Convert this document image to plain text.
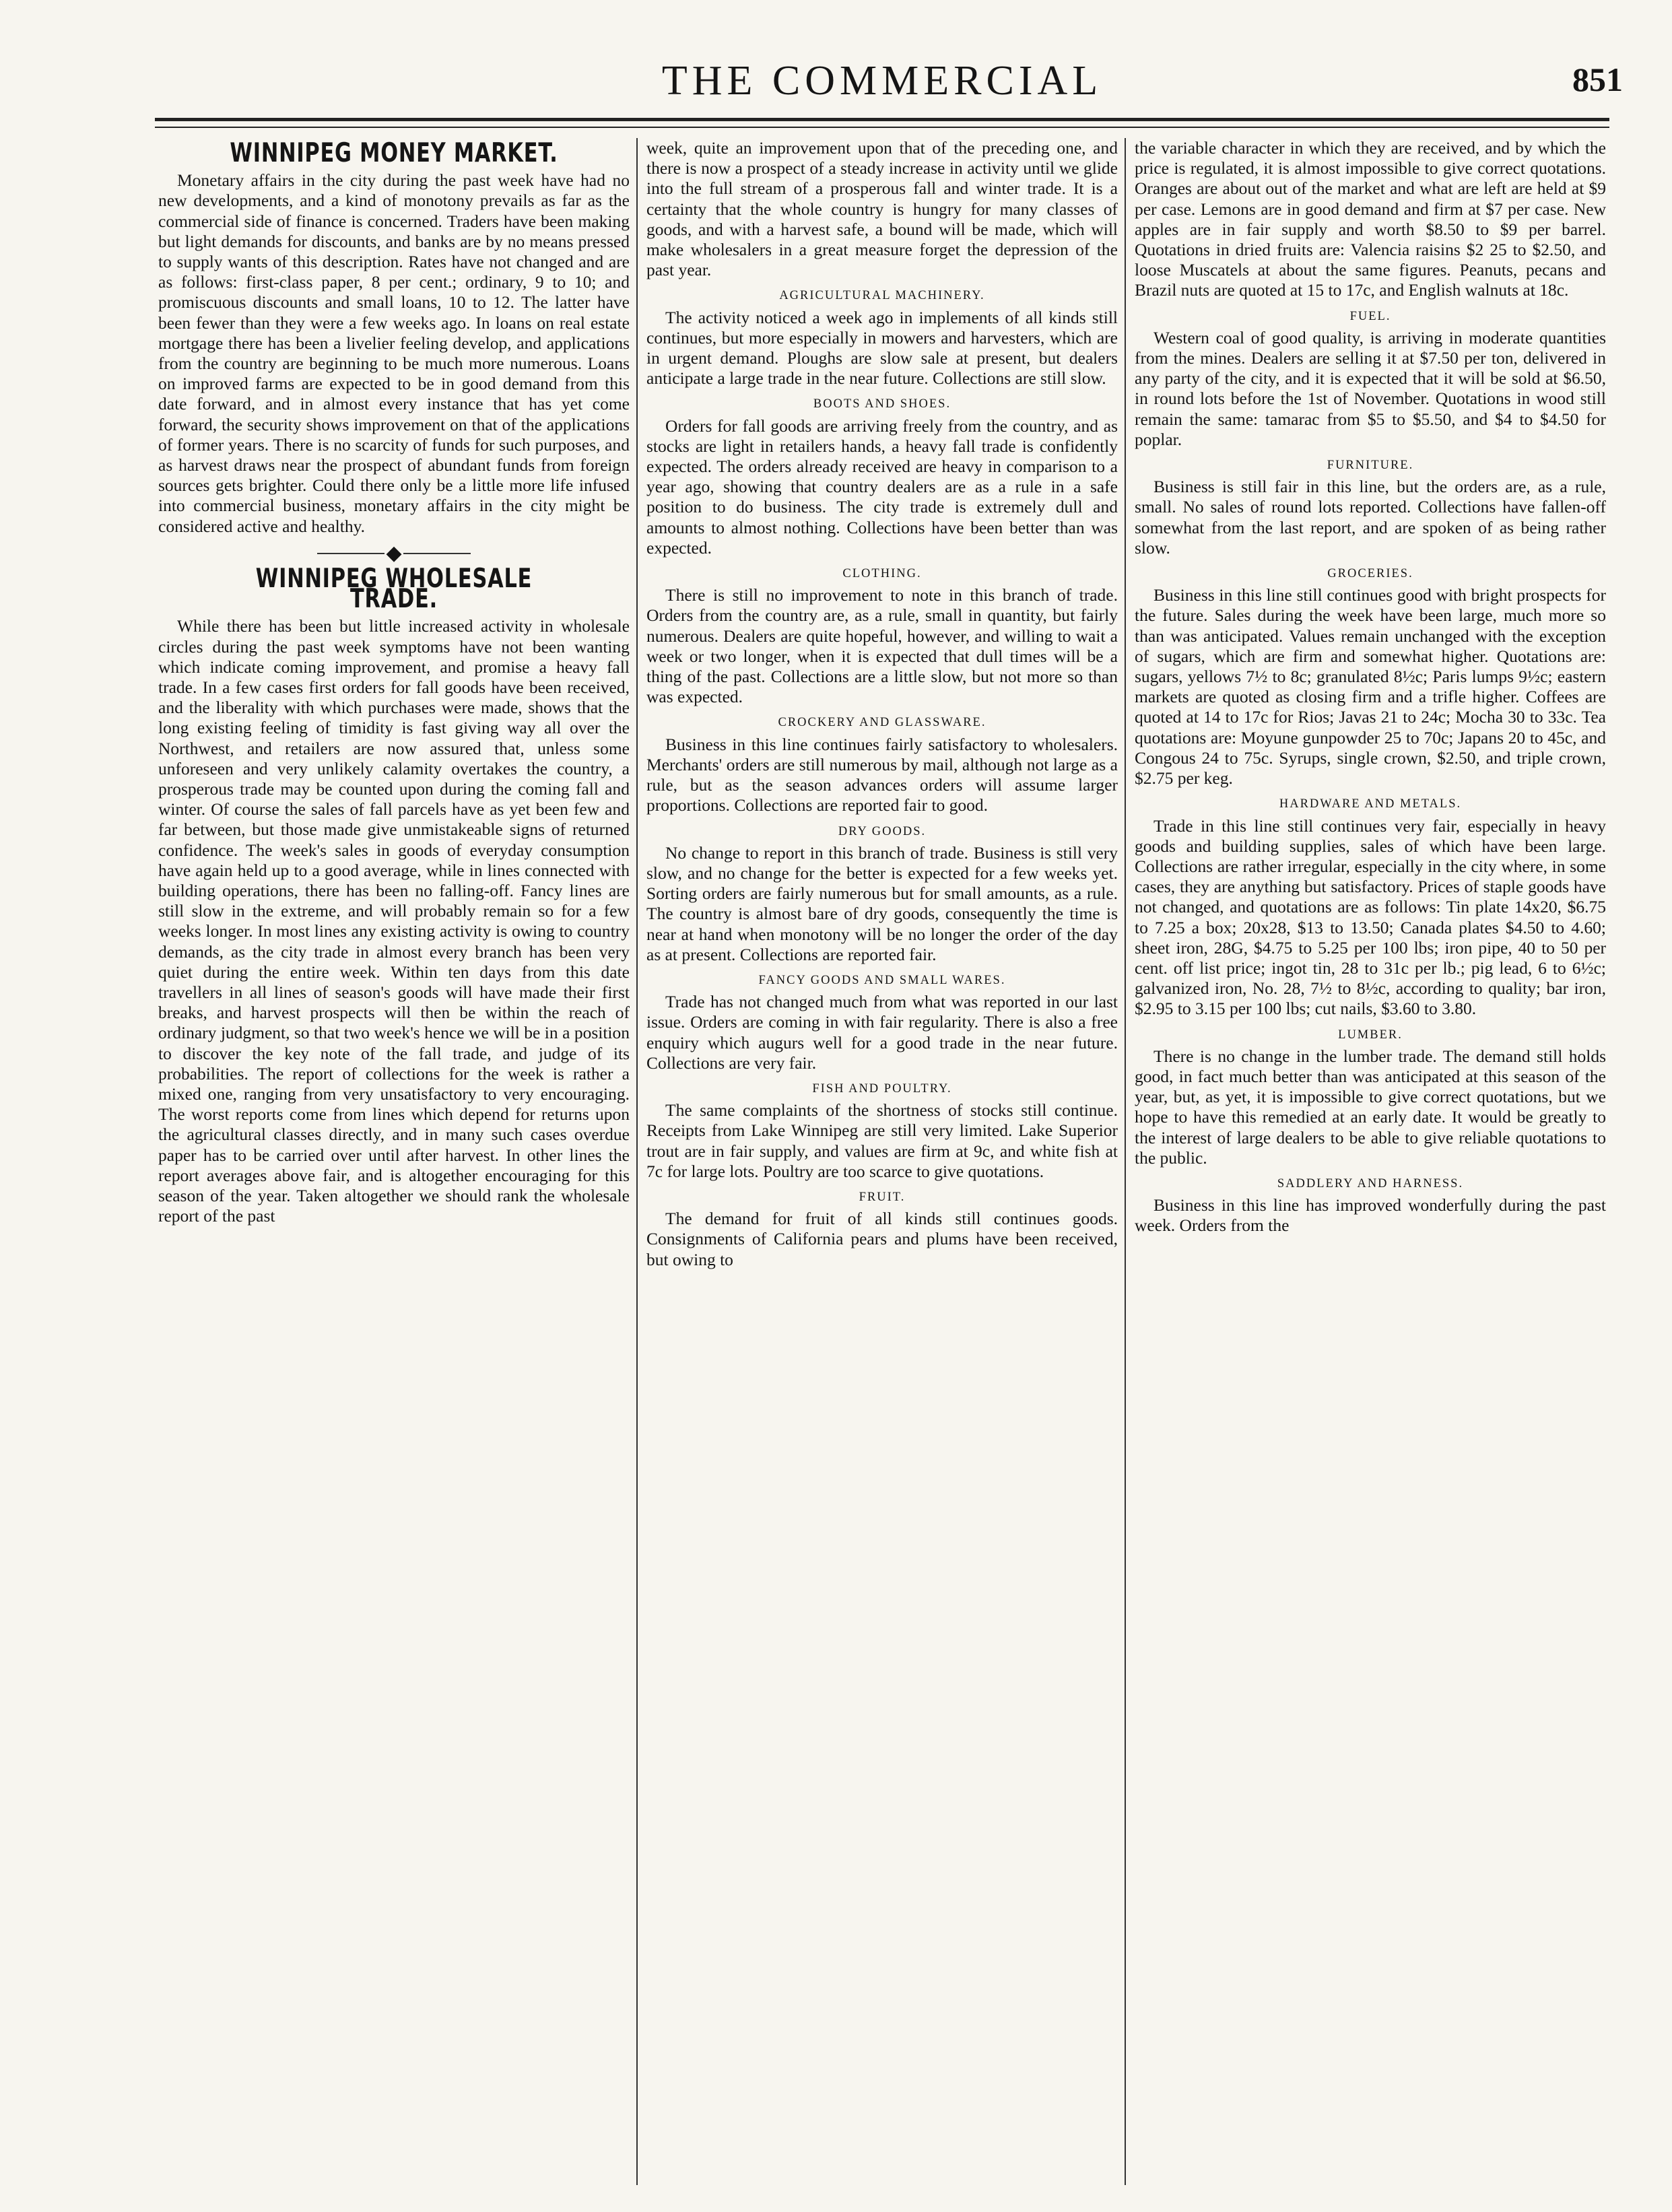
THE COMMERCIAL	851
WINNIPEG MONEY MARKET.

Monetary affairs in the city during the past week have had no new developments, and a kind of monotony prevails as far as the commercial side of finance is concerned. Traders have been making but light demands for discounts, and banks are by no means pressed to supply wants of this description. Rates have not changed and are as follows: first-class paper, 8 per cent.; ordinary, 9 to 10; and promiscuous discounts and small loans, 10 to 12. The latter have been fewer than they were a few weeks ago. In loans on real estate mortgage there has been a livelier feeling develop, and applications from the country are beginning to be much more numerous. Loans on improved farms are expected to be in good demand from this date forward, and in almost every instance that has yet come forward, the security shows improvement on that of the applications of former years. There is no scarcity of funds for such purposes, and as harvest draws near the prospect of abundant funds from foreign sources gets brighter. Could there only be a little more life infused into commercial business, monetary affairs in the city might be considered active and healthy.

◆
WINNIPEG WHOLESALE TRADE.

While there has been but little increased activity in wholesale circles during the past week symptoms have not been wanting which indicate coming improvement, and promise a heavy fall trade. In a few cases first orders for fall goods have been received, and the liberality with which purchases were made, shows that the long existing feeling of timidity is fast giving way all over the Northwest, and retailers are now assured that, unless some unforeseen and very unlikely calamity overtakes the country, a prosperous trade may be counted upon during the coming fall and winter. Of course the sales of fall parcels have as yet been few and far between, but those made give unmistakeable signs of returned confidence. The week's sales in goods of everyday consumption have again held up to a good average, while in lines connected with building operations, there has been no falling-off. Fancy lines are still slow in the extreme, and will probably remain so for a few weeks longer. In most lines any existing activity is owing to country demands, as the city trade in almost every branch has been very quiet during the entire week. Within ten days from this date travellers in all lines of season's goods will have made their first breaks, and harvest prospects will then be within the reach of ordinary judgment, so that two week's hence we will be in a position to discover the key note of the fall trade, and judge of its probabilities. The report of collections for the week is rather a mixed one, ranging from very unsatisfactory to very encouraging. The worst reports come from lines which depend for returns upon the agricultural classes directly, and in many such cases overdue paper has to be carried over until after harvest. In other lines the report averages above fair, and is altogether encouraging for this season of the year. Taken altogether we should rank the wholesale report of the past

week, quite an improvement upon that of the preceding one, and there is now a prospect of a steady increase in activity until we glide into the full stream of a prosperous fall and winter trade. It is a certainty that the whole country is hungry for many classes of goods, and with a harvest safe, a bound will be made, which will make wholesalers in a great measure forget the depression of the past year.

AGRICULTURAL MACHINERY.

The activity noticed a week ago in implements of all kinds still continues, but more especially in mowers and harvesters, which are in urgent demand. Ploughs are slow sale at present, but dealers anticipate a large trade in the near future. Collections are still slow.

BOOTS AND SHOES.

Orders for fall goods are arriving freely from the country, and as stocks are light in retailers hands, a heavy fall trade is confidently expected. The orders already received are heavy in comparison to a year ago, showing that country dealers are as a rule in a safe position to do business. The city trade is extremely dull and amounts to almost nothing. Collections have been better than was expected.

CLOTHING.

There is still no improvement to note in this branch of trade. Orders from the country are, as a rule, small in quantity, but fairly numerous. Dealers are quite hopeful, however, and willing to wait a week or two longer, when it is expected that dull times will be a thing of the past. Collections are a little slow, but not more so than was expected.

CROCKERY AND GLASSWARE.

Business in this line continues fairly satisfactory to wholesalers. Merchants' orders are still numerous by mail, although not large as a rule, but as the season advances orders will assume larger proportions. Collections are reported fair to good.

DRY GOODS.

No change to report in this branch of trade. Business is still very slow, and no change for the better is expected for a few weeks yet. Sorting orders are fairly numerous but for small amounts, as a rule. The country is almost bare of dry goods, consequently the time is near at hand when monotony will be no longer the order of the day as at present. Collections are reported fair.

FANCY GOODS AND SMALL WARES.

Trade has not changed much from what was reported in our last issue. Orders are coming in with fair regularity. There is also a free enquiry which augurs well for a good trade in the near future. Collections are very fair.

FISH AND POULTRY.

The same complaints of the shortness of stocks still continue. Receipts from Lake Winnipeg are still very limited. Lake Superior trout are in fair supply, and values are firm at 9c, and white fish at 7c for large lots. Poultry are too scarce to give quotations.

FRUIT.

The demand for fruit of all kinds still continues goods. Consignments of California pears and plums have been received, but owing to

the variable character in which they are received, and by which the price is regulated, it is almost impossible to give correct quotations. Oranges are about out of the market and what are left are held at $9 per case. Lemons are in good demand and firm at $7 per case. New apples are in fair supply and worth $8.50 to $9 per barrel. Quotations in dried fruits are: Valencia raisins $2 25 to $2.50, and loose Muscatels at about the same figures. Peanuts, pecans and Brazil nuts are quoted at 15 to 17c, and English walnuts at 18c.

FUEL.

Western coal of good quality, is arriving in moderate quantities from the mines. Dealers are selling it at $7.50 per ton, delivered in any party of the city, and it is expected that it will be sold at $6.50, in round lots before the 1st of November. Quotations in wood still remain the same: tamarac from $5 to $5.50, and $4 to $4.50 for poplar.

FURNITURE.

Business is still fair in this line, but the orders are, as a rule, small. No sales of round lots reported. Collections have fallen-off somewhat from the last report, and are spoken of as being rather slow.

GROCERIES.

Business in this line still continues good with bright prospects for the future. Sales during the week have been large, much more so than was anticipated. Values remain unchanged with the exception of sugars, which are firm and somewhat higher. Quotations are: sugars, yellows 7½ to 8c; granulated 8½c; Paris lumps 9½c; eastern markets are quoted as closing firm and a trifle higher. Coffees are quoted at 14 to 17c for Rios; Javas 21 to 24c; Mocha 30 to 33c. Tea quotations are: Moyune gunpowder 25 to 70c; Japans 20 to 45c, and Congous 24 to 75c. Syrups, single crown, $2.50, and triple crown, $2.75 per keg.

HARDWARE AND METALS.

Trade in this line still continues very fair, especially in heavy goods and building supplies, sales of which have been large. Collections are rather irregular, especially in the city where, in some cases, they are anything but satisfactory. Prices of staple goods have not changed, and quotations are as follows: Tin plate 14x20, $6.75 to 7.25 a box; 20x28, $13 to 13.50; Canada plates $4.50 to 4.60; sheet iron, 28G, $4.75 to 5.25 per 100 lbs; iron pipe, 40 to 50 per cent. off list price; ingot tin, 28 to 31c per lb.; pig lead, 6 to 6½c; galvanized iron, No. 28, 7½ to 8½c, according to quality; bar iron, $2.95 to 3.15 per 100 lbs; cut nails, $3.60 to 3.80.

LUMBER.

There is no change in the lumber trade. The demand still holds good, in fact much better than was anticipated at this season of the year, but, as yet, it is impossible to give correct quotations, but we hope to have this remedied at an early date. It would be greatly to the interest of large dealers to be able to give reliable quotations to the public.

SADDLERY AND HARNESS.

Business in this line has improved wonderfully during the past week. Orders from the
